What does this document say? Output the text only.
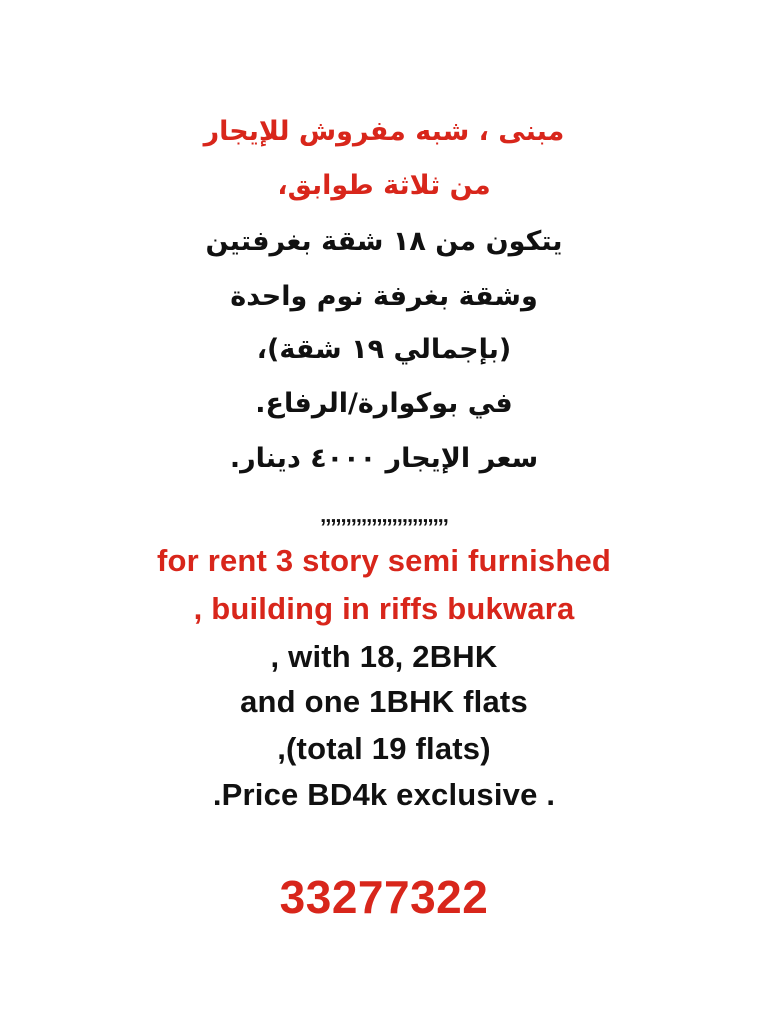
مبنى ، شبه مفروش للإيجار
من ثلاثة طوابق،
يتكون من ١٨ شقة بغرفتين
وشقة بغرفة نوم واحدة
(بإجمالي ١٩ شقة)،
في بوكوارة/الرفاع.
سعر الإيجار ٤٠٠٠ دينار.
‚‚‚‚‚‚‚‚‚‚‚‚‚‚‚‚‚‚‚‚‚‚‚‚‚
for rent 3 story semi furnished
, building in riffs bukwara
, with 18, 2BHK
and one 1BHK flats
,(total 19 flats)
.Price BD4k exclusive .
33277322
